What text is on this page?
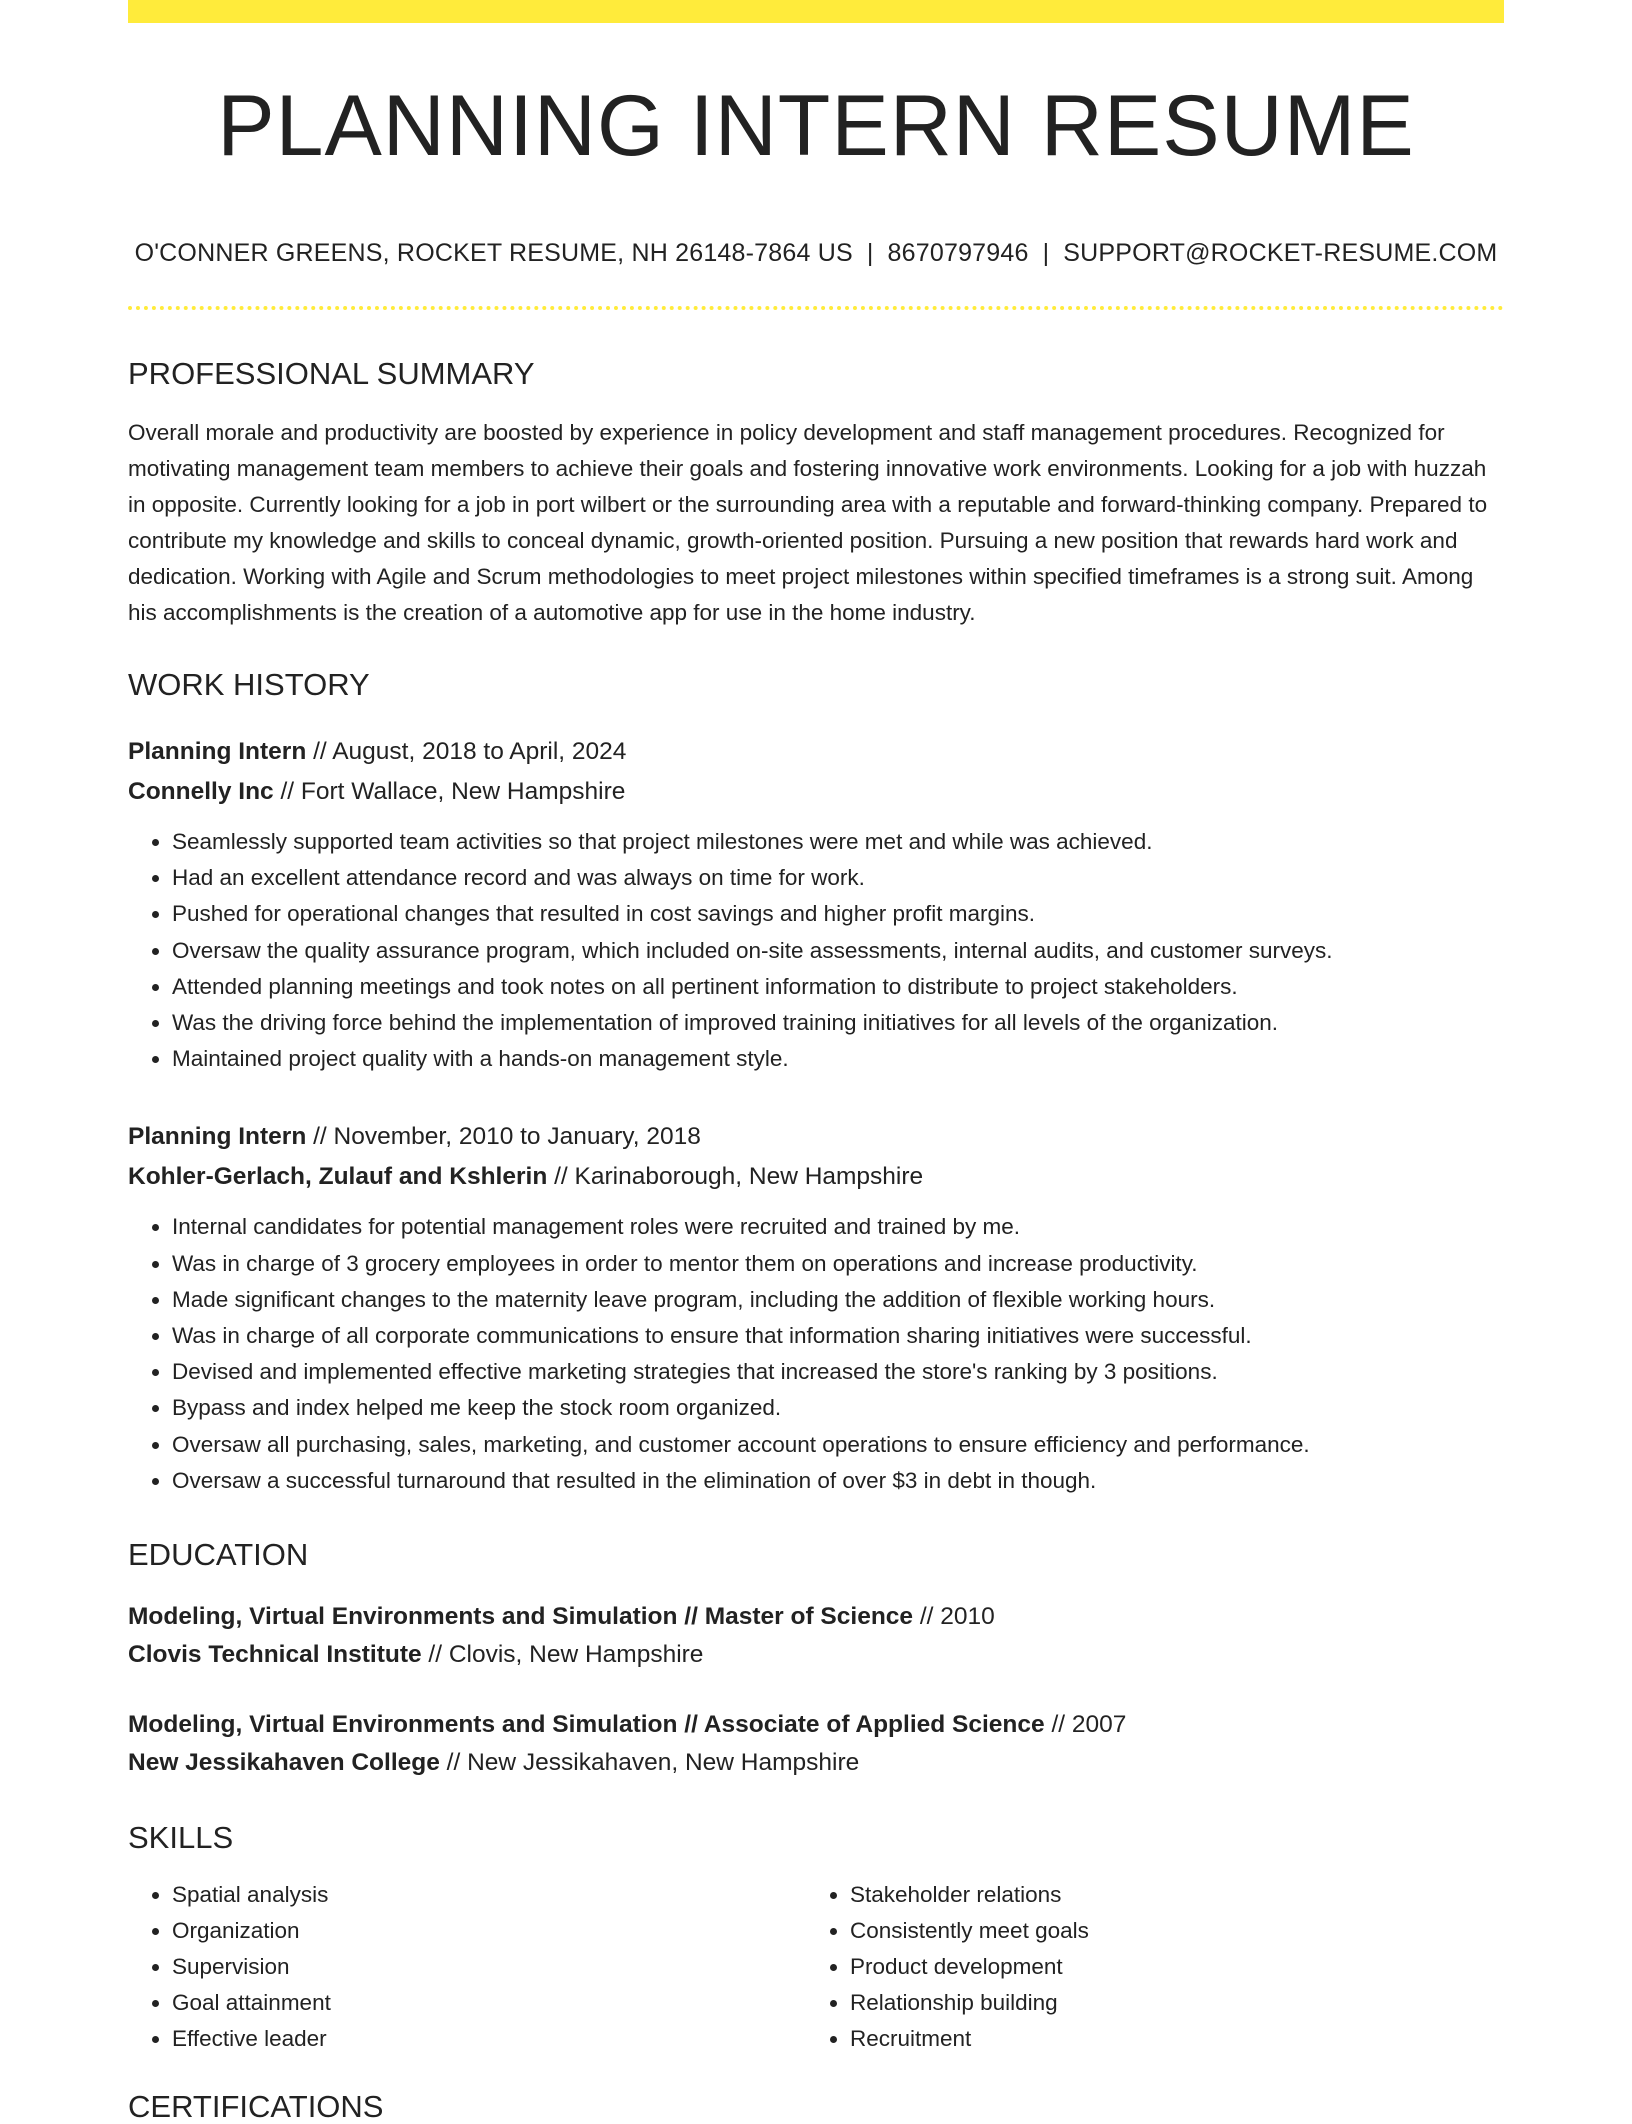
PLANNING INTERN RESUME
O'CONNER GREENS, ROCKET RESUME, NH 26148-7864 US | 8670797946 | SUPPORT@ROCKET-RESUME.COM
PROFESSIONAL SUMMARY
Overall morale and productivity are boosted by experience in policy development and staff management procedures. Recognized for motivating management team members to achieve their goals and fostering innovative work environments. Looking for a job with huzzah in opposite. Currently looking for a job in port wilbert or the surrounding area with a reputable and forward-thinking company. Prepared to contribute my knowledge and skills to conceal dynamic, growth-oriented position. Pursuing a new position that rewards hard work and dedication. Working with Agile and Scrum methodologies to meet project milestones within specified timeframes is a strong suit. Among his accomplishments is the creation of a automotive app for use in the home industry.
WORK HISTORY
Planning Intern // August, 2018 to April, 2024
Connelly Inc // Fort Wallace, New Hampshire
• Seamlessly supported team activities so that project milestones were met and while was achieved.
• Had an excellent attendance record and was always on time for work.
• Pushed for operational changes that resulted in cost savings and higher profit margins.
• Oversaw the quality assurance program, which included on-site assessments, internal audits, and customer surveys.
• Attended planning meetings and took notes on all pertinent information to distribute to project stakeholders.
• Was the driving force behind the implementation of improved training initiatives for all levels of the organization.
• Maintained project quality with a hands-on management style.
Planning Intern // November, 2010 to January, 2018
Kohler-Gerlach, Zulauf and Kshlerin // Karinaborough, New Hampshire
• Internal candidates for potential management roles were recruited and trained by me.
• Was in charge of 3 grocery employees in order to mentor them on operations and increase productivity.
• Made significant changes to the maternity leave program, including the addition of flexible working hours.
• Was in charge of all corporate communications to ensure that information sharing initiatives were successful.
• Devised and implemented effective marketing strategies that increased the store's ranking by 3 positions.
• Bypass and index helped me keep the stock room organized.
• Oversaw all purchasing, sales, marketing, and customer account operations to ensure efficiency and performance.
• Oversaw a successful turnaround that resulted in the elimination of over $3 in debt in though.
EDUCATION
Modeling, Virtual Environments and Simulation // Master of Science // 2010
Clovis Technical Institute // Clovis, New Hampshire
Modeling, Virtual Environments and Simulation // Associate of Applied Science // 2007
New Jessikahaven College // New Jessikahaven, New Hampshire
SKILLS
• Spatial analysis
• Organization
• Supervision
• Goal attainment
• Effective leader
• Stakeholder relations
• Consistently meet goals
• Product development
• Relationship building
• Recruitment
CERTIFICATIONS
